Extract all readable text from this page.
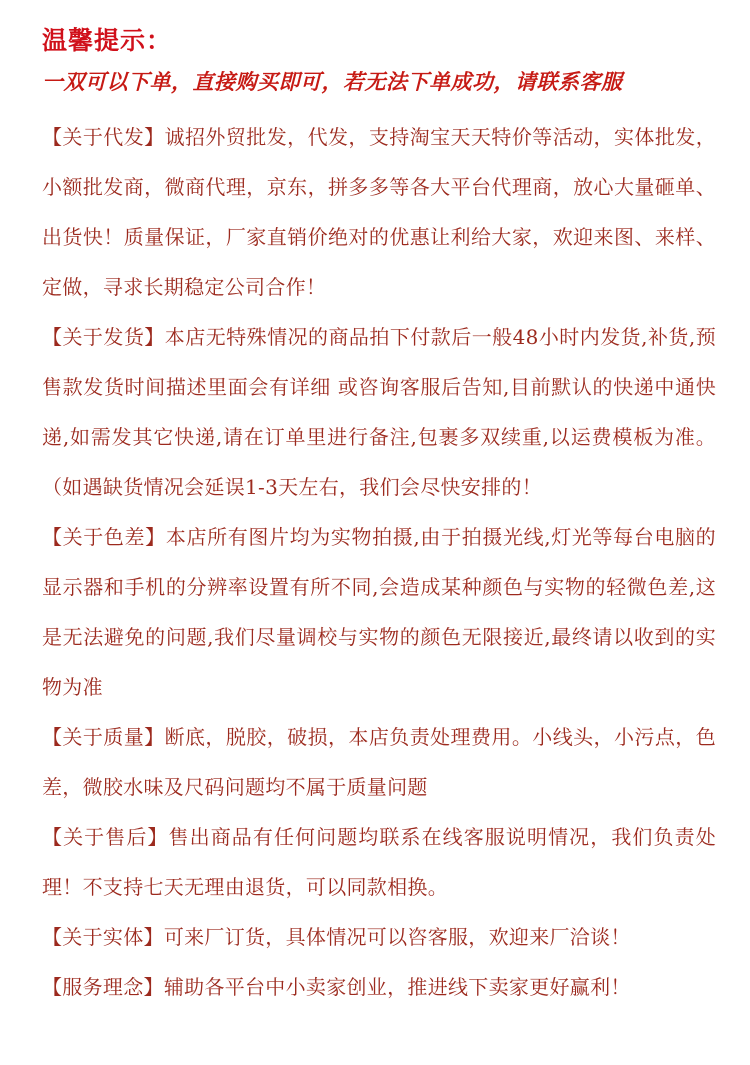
温馨提示：
一双可以下单，直接购买即可，若无法下单成功，请联系客服

【关于代发】诚招外贸批发，代发，支持淘宝天天特价等活动，实体批发，小额批发商，微商代理，京东，拼多多等各大平台代理商，放心大量砸单、出货快！质量保证，厂家直销价绝对的优惠让利给大家，欢迎来图、来样、定做，寻求长期稳定公司合作！

【关于发货】本店无特殊情况的商品拍下付款后一般48小时内发货,补货,预售款发货时间描述里面会有详细 或咨询客服后告知,目前默认的快递中通快递,如需发其它快递,请在订单里进行备注,包裹多双续重,以运费模板为准。（如遇缺货情况会延误1-3天左右，我们会尽快安排的！

【关于色差】本店所有图片均为实物拍摄,由于拍摄光线,灯光等每台电脑的显示器和手机的分辨率设置有所不同,会造成某种颜色与实物的轻微色差,这是无法避免的问题,我们尽量调校与实物的颜色无限接近,最终请以收到的实物为准

【关于质量】断底，脱胶，破损，本店负责处理费用。小线头，小污点，色差，微胶水味及尺码问题均不属于质量问题

【关于售后】售出商品有任何问题均联系在线客服说明情况，我们负责处理！不支持七天无理由退货，可以同款相换。

【关于实体】可来厂订货，具体情况可以咨客服，欢迎来厂洽谈！

【服务理念】辅助各平台中小卖家创业，推进线下卖家更好赢利！
